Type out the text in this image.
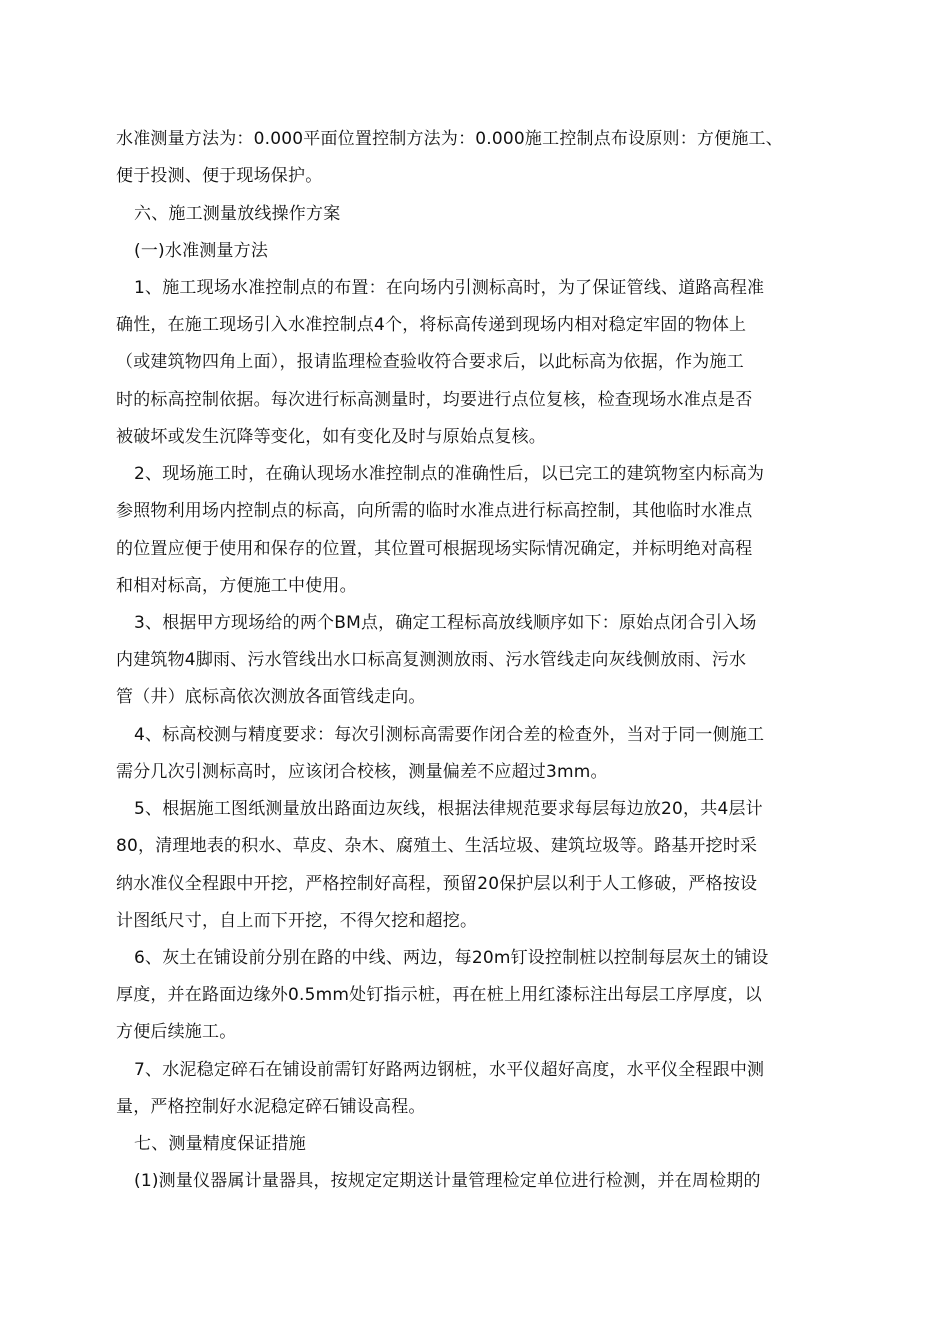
水准测量方法为：0.000平面位置控制方法为：0.000施工控制点布设原则：方便施工、
便于投测、便于现场保护。
六、施工测量放线操作方案
(一)水准测量方法
1、施工现场水准控制点的布置：在向场内引测标高时，为了保证管线、道路高程准
确性，在施工现场引入水准控制点4个，将标高传递到现场内相对稳定牢固的物体上
（或建筑物四角上面），报请监理检查验收符合要求后，以此标高为依据，作为施工
时的标高控制依据。每次进行标高测量时，均要进行点位复核，检查现场水准点是否
被破坏或发生沉降等变化，如有变化及时与原始点复核。
2、现场施工时，在确认现场水准控制点的准确性后，以已完工的建筑物室内标高为
参照物利用场内控制点的标高，向所需的临时水准点进行标高控制，其他临时水准点
的位置应便于使用和保存的位置，其位置可根据现场实际情况确定，并标明绝对高程
和相对标高，方便施工中使用。
3、根据甲方现场给的两个BM点，确定工程标高放线顺序如下：原始点闭合引入场
内建筑物4脚雨、污水管线出水口标高复测测放雨、污水管线走向灰线侧放雨、污水
管（井）底标高依次测放各面管线走向。
4、标高校测与精度要求：每次引测标高需要作闭合差的检查外，当对于同一侧施工
需分几次引测标高时，应该闭合校核，测量偏差不应超过3mm。
5、根据施工图纸测量放出路面边灰线，根据法律规范要求每层每边放20，共4层计
80，清理地表的积水、草皮、杂木、腐殖土、生活垃圾、建筑垃圾等。路基开挖时采
纳水准仪全程跟中开挖，严格控制好高程，预留20保护层以利于人工修破，严格按设
计图纸尺寸，自上而下开挖，不得欠挖和超挖。
6、灰土在铺设前分别在路的中线、两边，每20m钉设控制桩以控制每层灰土的铺设
厚度，并在路面边缘外0.5mm处钉指示桩，再在桩上用红漆标注出每层工序厚度，以
方便后续施工。
7、水泥稳定碎石在铺设前需钉好路两边钢桩，水平仪超好高度，水平仪全程跟中测
量，严格控制好水泥稳定碎石铺设高程。
七、测量精度保证措施
(1)测量仪器属计量器具，按规定定期送计量管理检定单位进行检测，并在周检期的
